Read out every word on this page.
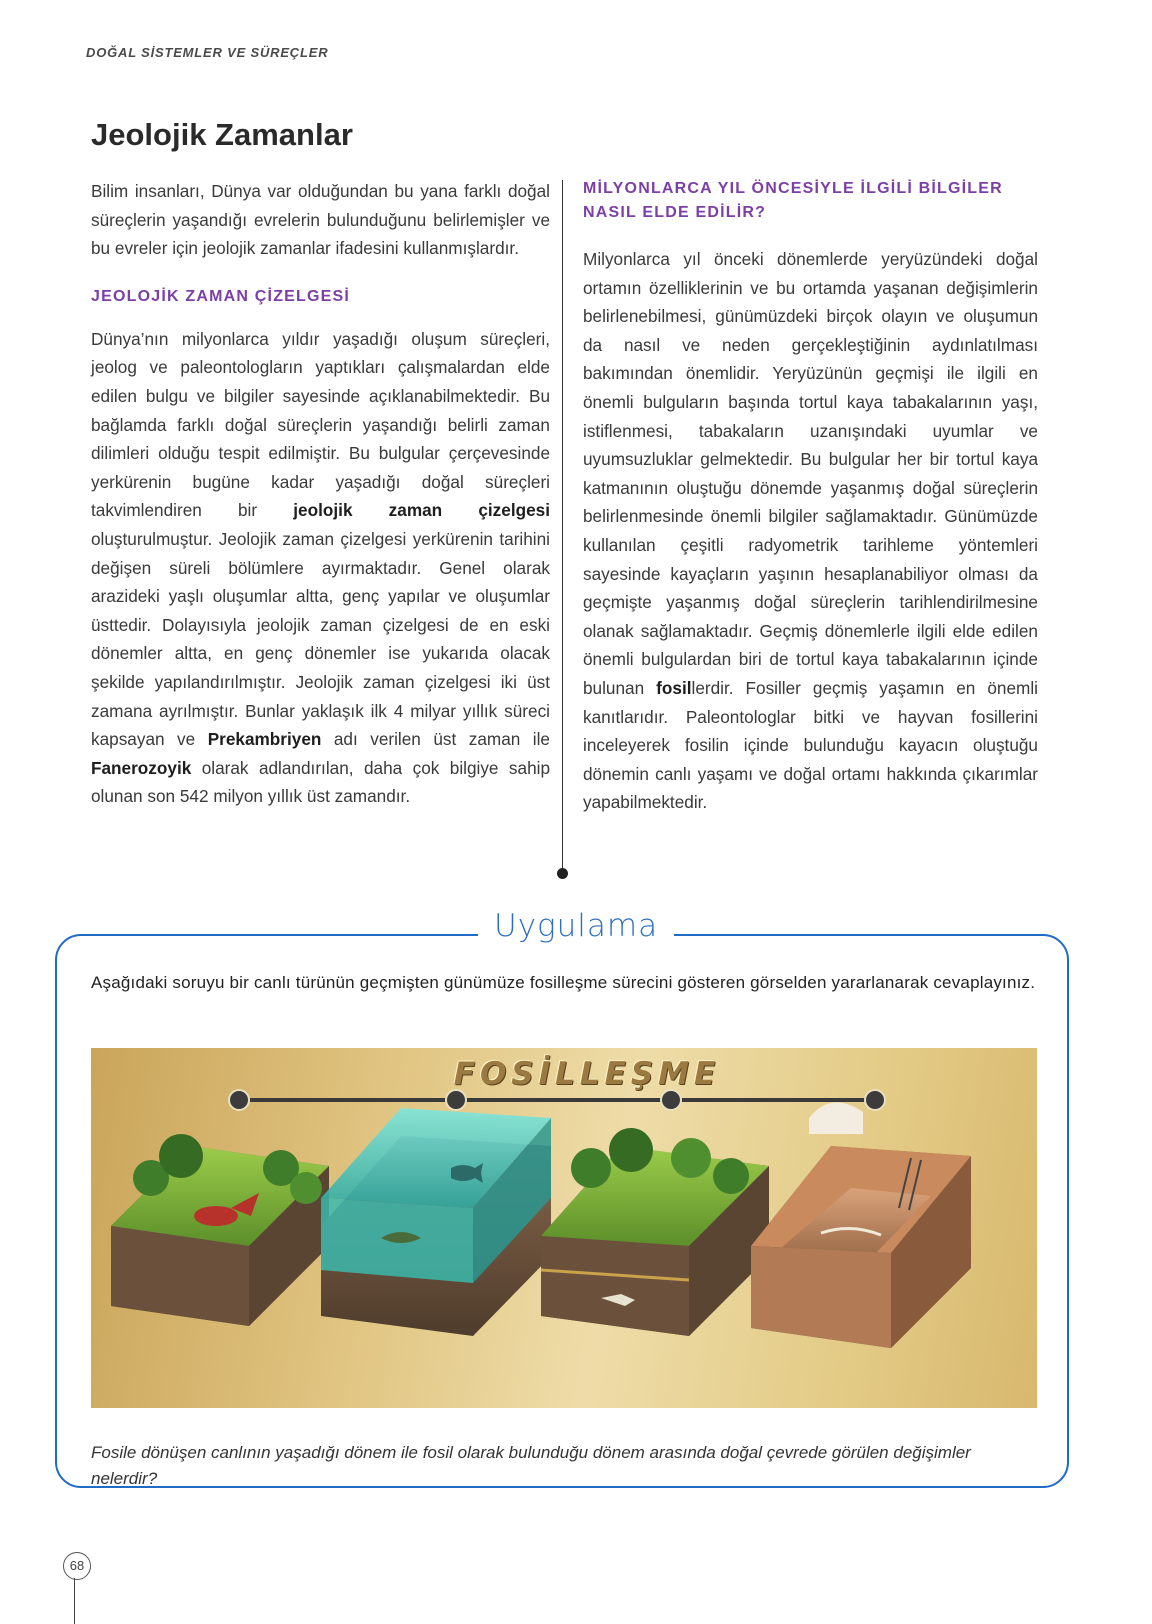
DOĞAL SİSTEMLER VE SÜREÇLER
Jeolojik Zamanlar

Bilim insanları, Dünya var olduğundan bu yana farklı doğal süreçlerin yaşandığı evrelerin bulunduğunu belirlemişler ve bu evreler için jeolojik zamanlar ifadesini kullanmışlardır.

JEOLOJİK ZAMAN ÇİZELGESİ

Dünya’nın milyonlarca yıldır yaşadığı oluşum süreçleri, jeolog ve paleontologların yaptıkları çalışmalardan elde edilen bulgu ve bilgiler sayesinde açıklanabilmektedir. Bu bağlamda farklı doğal süreçlerin yaşandığı belirli zaman dilimleri olduğu tespit edilmiştir. Bu bulgular çerçevesinde yerkürenin bugüne kadar yaşadığı doğal süreçleri takvimlendiren bir jeolojik zaman çizelgesi oluşturulmuştur. Jeolojik zaman çizelgesi yerkürenin tarihini değişen süreli bölümlere ayırmaktadır. Genel olarak arazideki yaşlı oluşumlar altta, genç yapılar ve oluşumlar üsttedir. Dolayısıyla jeolojik zaman çizelgesi de en eski dönemler altta, en genç dönemler ise yukarıda olacak şekilde yapılandırılmıştır. Jeolojik zaman çizelgesi iki üst zamana ayrılmıştır. Bunlar yaklaşık ilk 4 milyar yıllık süreci kapsayan ve Prekambriyen adı verilen üst zaman ile Fanerozoyik olarak adlandırılan, daha çok bilgiye sahip olunan son 542 milyon yıllık üst zamandır.

MİLYONLARCA YIL ÖNCESİYLE İLGİLİ BİLGİLER NASIL ELDE EDİLİR?

Milyonlarca yıl önceki dönemlerde yeryüzündeki doğal ortamın özelliklerinin ve bu ortamda yaşanan değişimlerin belirlenebilmesi, günümüzdeki birçok olayın ve oluşumun da nasıl ve neden gerçekleştiğinin aydınlatılması bakımından önemlidir. Yeryüzünün geçmişi ile ilgili en önemli bulguların başında tortul kaya tabakalarının yaşı, istiflenmesi, tabakaların uzanışındaki uyumlar ve uyumsuzluklar gelmektedir. Bu bulgular her bir tortul kaya katmanının oluştuğu dönemde yaşanmış doğal süreçlerin belirlenmesinde önemli bilgiler sağlamaktadır. Günümüzde kullanılan çeşitli radyometrik tarihleme yöntemleri sayesinde kayaçların yaşının hesaplanabiliyor olması da geçmişte yaşanmış doğal süreçlerin tarihlendirilmesine olanak sağlamaktadır. Geçmiş dönemlerle ilgili elde edilen önemli bulgulardan biri de tortul kaya tabakalarının içinde bulunan fosillerdir. Fosiller geçmiş yaşamın en önemli kanıtlarıdır. Paleontologlar bitki ve hayvan fosillerini inceleyerek fosilin içinde bulunduğu kayacın oluştuğu dönemin canlı yaşamı ve doğal ortamı hakkında çıkarımlar yapabilmektedir.

Uygulama

Aşağıdaki soruyu bir canlı türünün geçmişten günümüze fosilleşme sürecini gösteren görselden yararlanarak cevaplayınız.

FOSİLLEŞME

Fosile dönüşen canlının yaşadığı dönem ile fosil olarak bulunduğu dönem arasında doğal çevrede görülen değişimler nelerdir?

68
